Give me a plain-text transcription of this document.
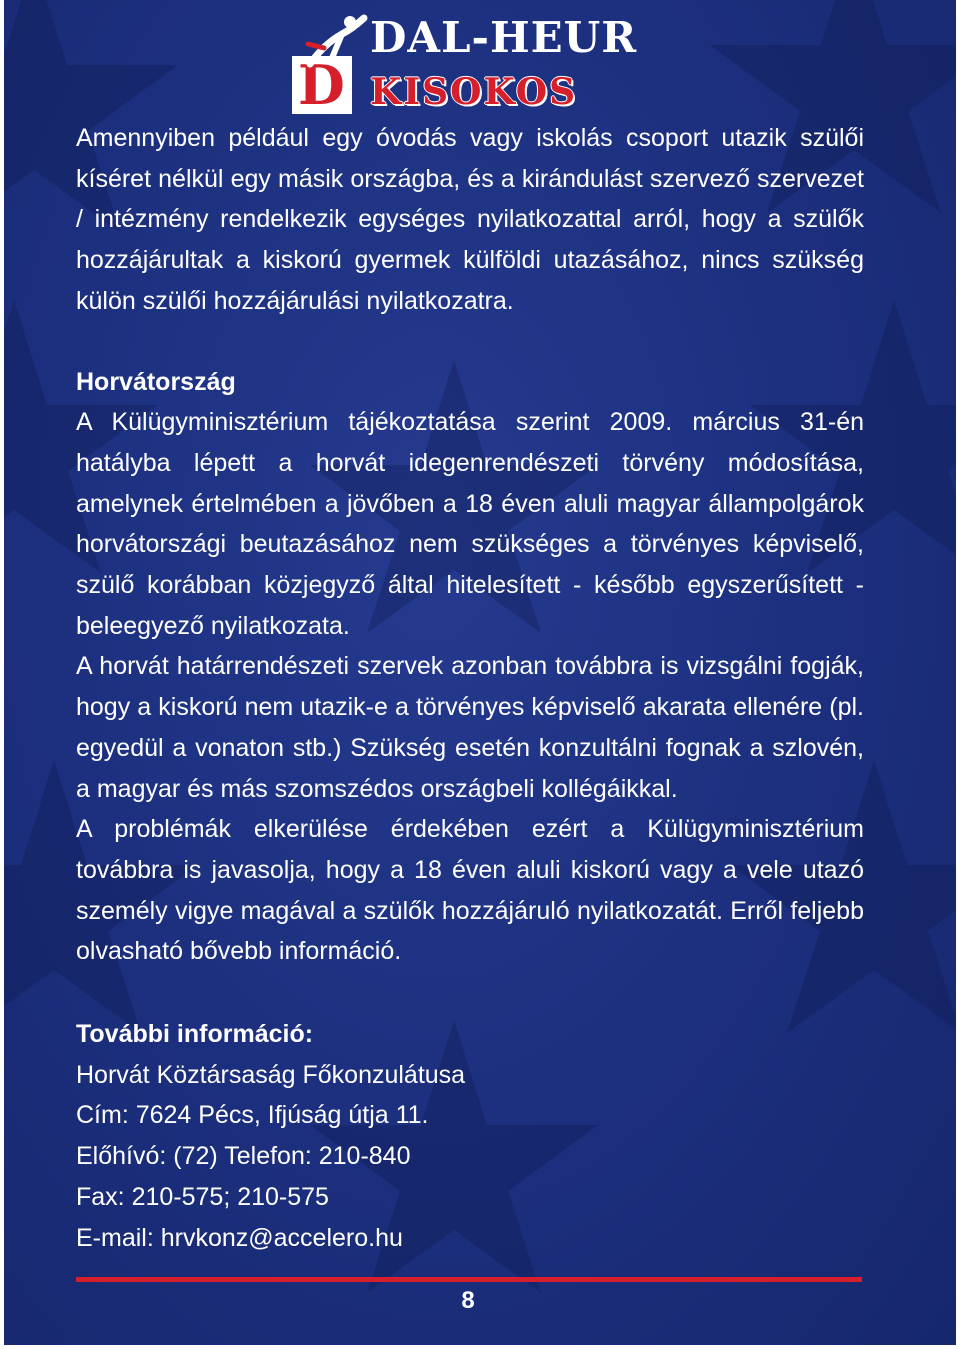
D
DAL-HEUR
KISOKOS

Amennyiben például egy óvodás vagy iskolás csoport utazik szülői kíséret nélkül egy másik országba, és a kirándulást szervező szervezet / intézmény rendelkezik egységes nyilatkozattal arról, hogy a szülők hozzájárultak a kiskorú gyermek külföldi utazásához, nincs szükség külön szülői hozzájárulási nyilatkozatra.

Horvátország

A Külügyminisztérium tájékoztatása szerint 2009. március 31-én hatályba lépett a horvát idegenrendészeti törvény módosítása, amelynek értelmében a jövőben a 18 éven aluli magyar állampolgárok horvátországi beutazásához nem szükséges a törvényes képviselő, szülő korábban közjegyző által hitelesített - később egyszerűsített - beleegyező nyilatkozata.

A horvát határrendészeti szervek azonban továbbra is vizsgálni fogják, hogy a kiskorú nem utazik-e a törvényes képviselő akarata ellenére (pl. egyedül a vonaton stb.) Szükség esetén konzultálni fognak a szlovén, a magyar és más szomszédos országbeli kollégáikkal.

A problémák elkerülése érdekében ezért a Külügyminisztérium továbbra is javasolja, hogy a 18 éven aluli kiskorú vagy a vele utazó személy vigye magával a szülők hozzájáruló nyilatkozatát. Erről feljebb olvasható bővebb információ.

További információ:
Horvát Köztársaság Főkonzulátusa
Cím: 7624 Pécs, Ifjúság útja 11.
Előhívó: (72) Telefon: 210-840
Fax: 210-575; 210-575
E-mail: hrvkonz@accelero.hu
8
